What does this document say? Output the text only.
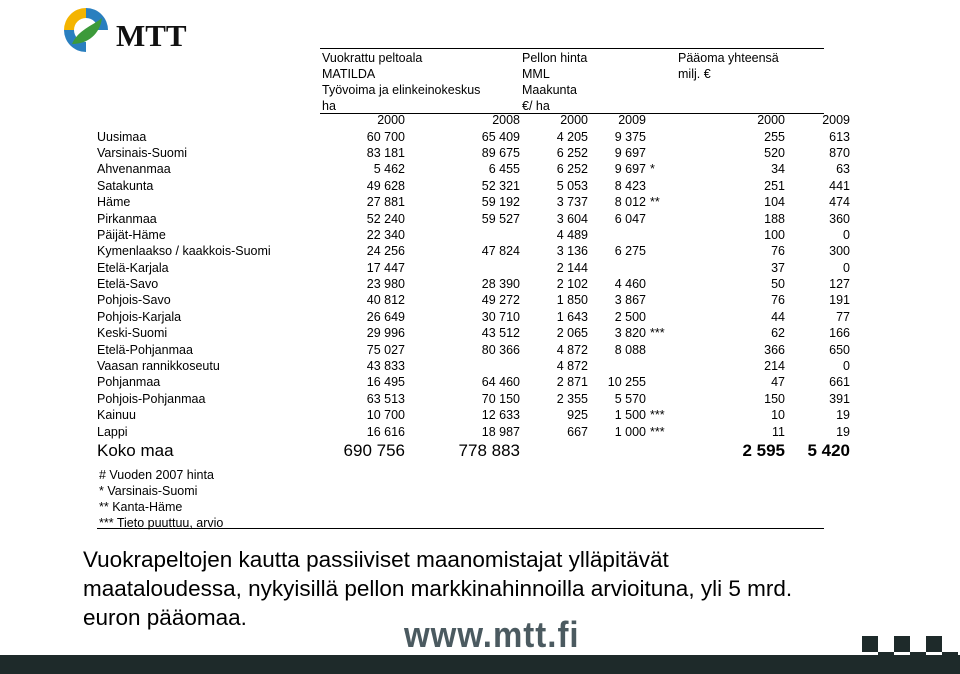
MTT
Vuokrattu peltoala
MATILDA
Työvoima ja elinkeinokeskus
ha
Pellon hinta
MML
Maakunta
€/ ha
Pääoma yhteensä
milj. €
	2000	2008	2000	2009		2000	2009
Uusimaa	60 700	65 409	4 205	9 375		255	613
Varsinais-Suomi	83 181	89 675	6 252	9 697		520	870
Ahvenanmaa	5 462	6 455	6 252	9 697	*	34	63
Satakunta	49 628	52 321	5 053	8 423		251	441
Häme	27 881	59 192	3 737	8 012	**	104	474
Pirkanmaa	52 240	59 527	3 604	6 047		188	360
Päijät-Häme	22 340		4 489			100	0
Kymenlaakso / kaakkois-Suomi	24 256	47 824	3 136	6 275		76	300
Etelä-Karjala	17 447		2 144			37	0
Etelä-Savo	23 980	28 390	2 102	4 460		50	127
Pohjois-Savo	40 812	49 272	1 850	3 867		76	191
Pohjois-Karjala	26 649	30 710	1 643	2 500		44	77
Keski-Suomi	29 996	43 512	2 065	3 820	***	62	166
Etelä-Pohjanmaa	75 027	80 366	4 872	8 088		366	650
Vaasan rannikkoseutu	43 833		4 872			214	0
Pohjanmaa	16 495	64 460	2 871	10 255		47	661
Pohjois-Pohjanmaa	63 513	70 150	2 355	5 570		150	391
Kainuu	10 700	12 633	925	1 500	***	10	19
Lappi	16 616	18 987	667	1 000	***	11	19
Koko maa	690 756	778 883				2 595	5 420
# Vuoden 2007 hinta
* Varsinais-Suomi
** Kanta-Häme
*** Tieto puuttuu, arvio
Vuokrapeltojen kautta passiiviset maanomistajat ylläpitävät maataloudessa, nykyisillä pellon markkinahinnoilla arvioituna, yli 5 mrd. euron pääomaa.	www.mtt.fi
